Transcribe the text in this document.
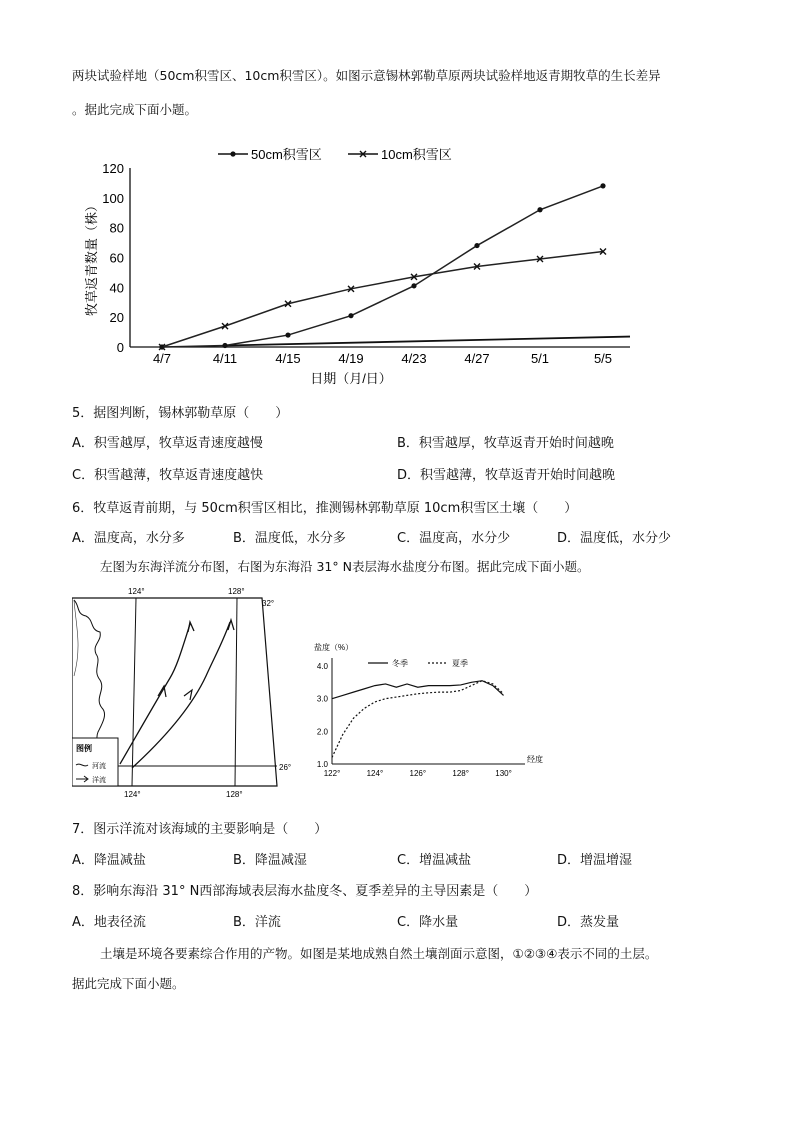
两块试验样地（50cm积雪区、10cm积雪区）。如图示意锡林郭勒草原两块试验样地返青期牧草的生长差异
。据此完成下面小题。
0
20
40
60
80
100
120
4/7	4/11	4/15	4/19	4/23	4/27	5/1	5/5
日期（月/日）
牧草返青数量（株）
50cm积雪区	10cm积雪区
5．据图判断，锡林郭勒草原（　　）
A．积雪越厚，牧草返青速度越慢	B．积雪越厚，牧草返青开始时间越晚
C．积雪越薄，牧草返青速度越快	D．积雪越薄，牧草返青开始时间越晚
6．牧草返青前期，与 50cm积雪区相比，推测锡林郭勒草原 10cm积雪区土壤（　　）
A．温度高，水分多	B．温度低，水分多	C．温度高，水分少	D．温度低，水分少
左图为东海洋流分布图，右图为东海沿 31° N表层海水盐度分布图。据此完成下面小题。
图例
河流
洋流
124°	128°
32°
26°
124°	128°
1.0
2.0
3.0
4.0
122°	124°	126°	128°	130°
经度
盐度（%）
冬季	夏季
7．图示洋流对该海域的主要影响是（　　）
A．降温减盐	B．降温减湿	C．增温减盐	D．增温增湿
8．影响东海沿 31° N西部海域表层海水盐度冬、夏季差异的主导因素是（　　）
A．地表径流	B．洋流	C．降水量	D．蒸发量
土壤是环境各要素综合作用的产物。如图是某地成熟自然土壤剖面示意图，①②③④表示不同的土层。
据此完成下面小题。
